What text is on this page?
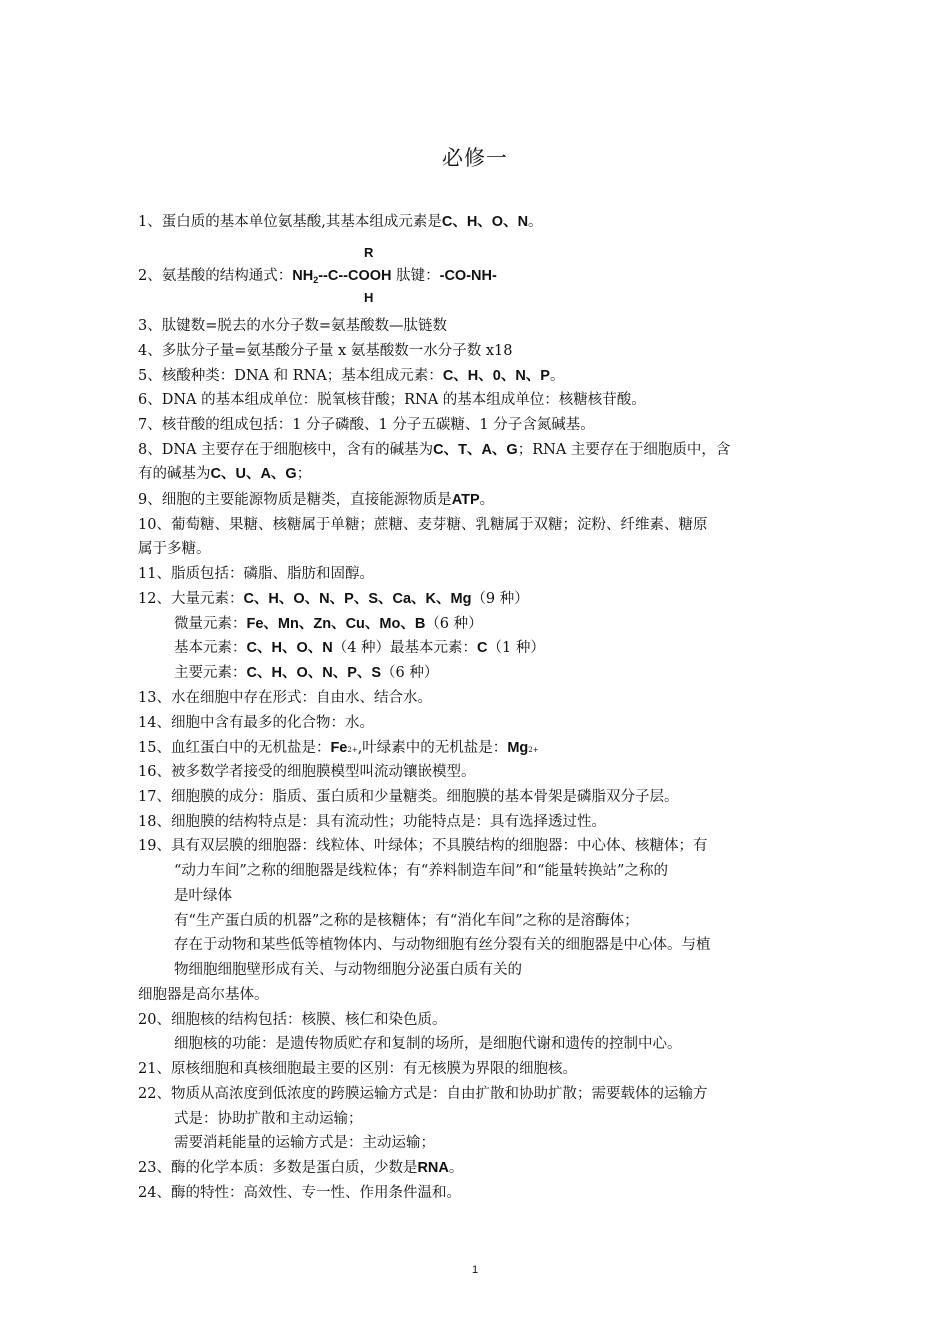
必修一
1、蛋白质的基本单位氨基酸,其基本组成元素是C、H、O、N。
R
2、氨基酸的结构通式：$NH_2--C-$-COOH 肽键：-CO-NH-
H
3、肽键数=脱去的水分子数=氨基酸数—肽链数
4、多肽分子量=氨基酸分子量 x 氨基酸数一水分子数 x18
5、核酸种类：DNA 和 RNA；基本组成元素：C、H、0、N、P。
6、DNA 的基本组成单位：脱氧核苷酸；RNA 的基本组成单位：核糖核苷酸。
7、核苷酸的组成包括：1 分子磷酸、1 分子五碳糖、1 分子含氮碱基。
8、DNA 主要存在于细胞核中，含有的碱基为C、T、A、G；RNA 主要存在于细胞质中，含
有的碱基为C、U、A、G；
9、细胞的主要能源物质是糖类，直接能源物质是ATP。
10、葡萄糖、果糖、核糖属于单糖；蔗糖、麦芽糖、乳糖属于双糖；淀粉、纤维素、糖原
属于多糖。
11、脂质包括：磷脂、脂肪和固醇。
12、大量元素：C、H、O、N、P、S、Ca、K、Mg（9 种）
微量元素：Fe、Mn、Zn、Cu、Mo、B（6 种）
基本元素：C、H、O、N（4 种）最基本元素：C（1 种）
主要元素：C、H、O、N、P、S（6 种）
13、水在细胞中存在形式：自由水、结合水。
14、细胞中含有最多的化合物：水。
15、血红蛋白中的无机盐是：Fe2+,叶绿素中的无机盐是：Mg2+
16、被多数学者接受的细胞膜模型叫流动镶嵌模型。
17、细胞膜的成分：脂质、蛋白质和少量糖类。细胞膜的基本骨架是磷脂双分子层。
18、细胞膜的结构特点是：具有流动性；功能特点是：具有选择透过性。
19、具有双层膜的细胞器：线粒体、叶绿体；不具膜结构的细胞器：中心体、核糖体；有
“动力车间”之称的细胞器是线粒体；有“养料制造车间”和“能量转换站”之称的
是叶绿体
有“生产蛋白质的机器”之称的是核糖体；有“消化车间”之称的是溶酶体；
存在于动物和某些低等植物体内、与动物细胞有丝分裂有关的细胞器是中心体。与植
物细胞细胞壁形成有关、与动物细胞分泌蛋白质有关的
细胞器是高尔基体。
20、细胞核的结构包括：核膜、核仁和染色质。
细胞核的功能：是遗传物质贮存和复制的场所，是细胞代谢和遗传的控制中心。
21、原核细胞和真核细胞最主要的区别：有无核膜为界限的细胞核。
22、物质从高浓度到低浓度的跨膜运输方式是：自由扩散和协助扩散；需要载体的运输方
式是：协助扩散和主动运输；
需要消耗能量的运输方式是：主动运输；
23、酶的化学本质：多数是蛋白质，少数是RNA。
24、酶的特性：高效性、专一性、作用条件温和。
1
